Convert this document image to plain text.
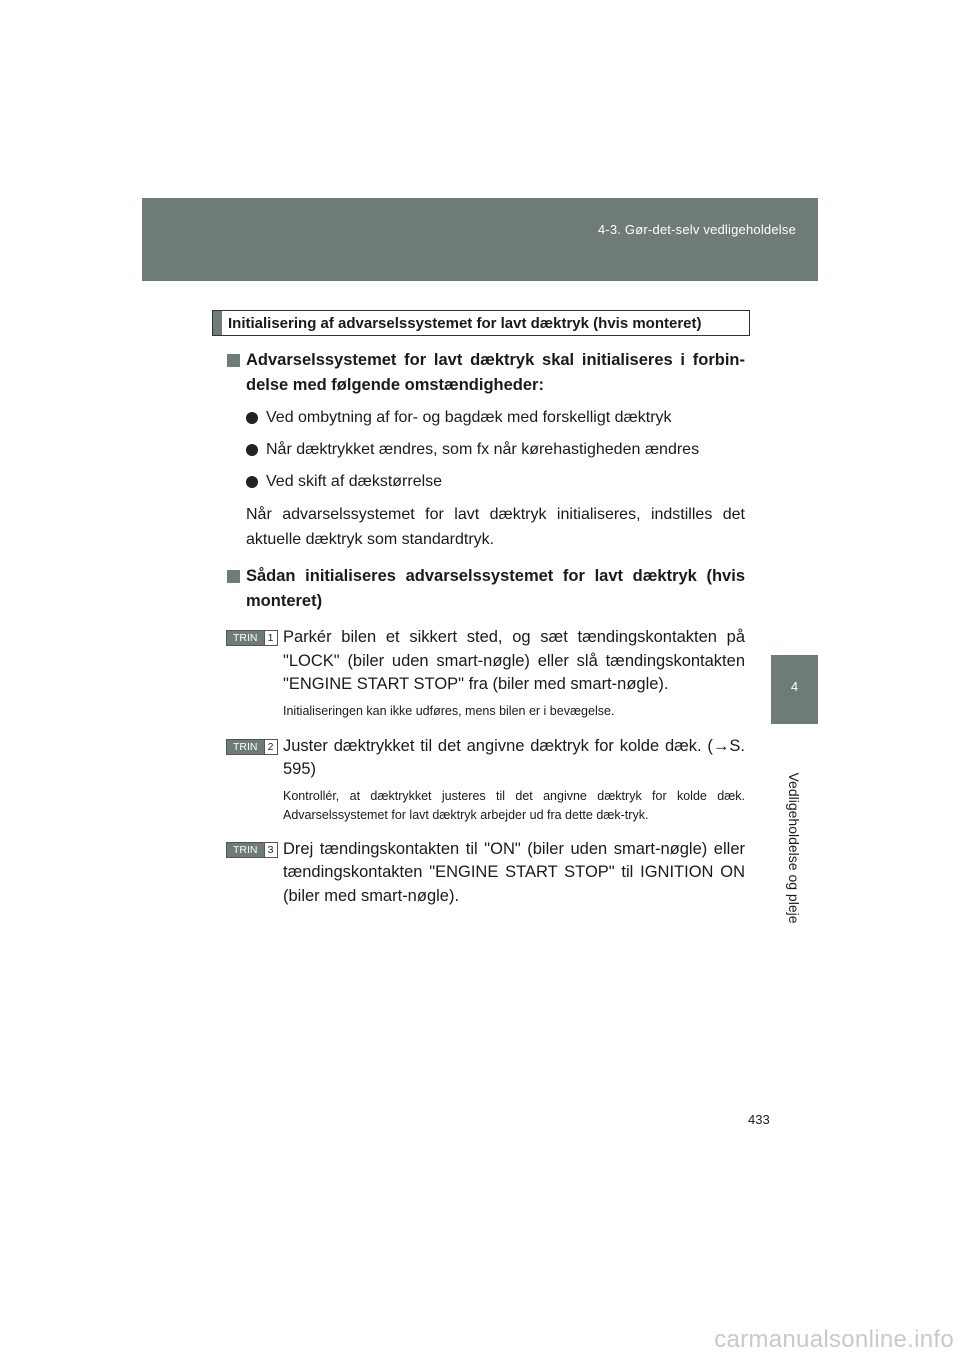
4-3. Gør-det-selv vedligeholdelse
4
Vedligeholdelse og pleje
Initialisering af advarselssystemet for lavt dæktryk (hvis monteret)
Advarselssystemet for lavt dæktryk skal initialiseres i forbin-delse med følgende omstændigheder:
Ved ombytning af for- og bagdæk med forskelligt dæktryk
Når dæktrykket ændres, som fx når kørehastigheden ændres
Ved skift af dækstørrelse
Når advarselssystemet for lavt dæktryk initialiseres, indstilles det aktuelle dæktryk som standardtryk.
Sådan initialiseres advarselssystemet for lavt dæktryk (hvis monteret)
TRIN 1 Parkér bilen et sikkert sted, og sæt tændingskontakten på "LOCK" (biler uden smart-nøgle) eller slå tændingskontakten "ENGINE START STOP" fra (biler med smart-nøgle).
Initialiseringen kan ikke udføres, mens bilen er i bevægelse.
TRIN 2 Juster dæktrykket til det angivne dæktryk for kolde dæk. (→S. 595)
Kontrollér, at dæktrykket justeres til det angivne dæktryk for kolde dæk. Advarselssystemet for lavt dæktryk arbejder ud fra dette dæk-tryk.
TRIN 3 Drej tændingskontakten til "ON" (biler uden smart-nøgle) eller tændingskontakten "ENGINE START STOP" til IGNITION ON (biler med smart-nøgle).
433
carmanualsonline.info
